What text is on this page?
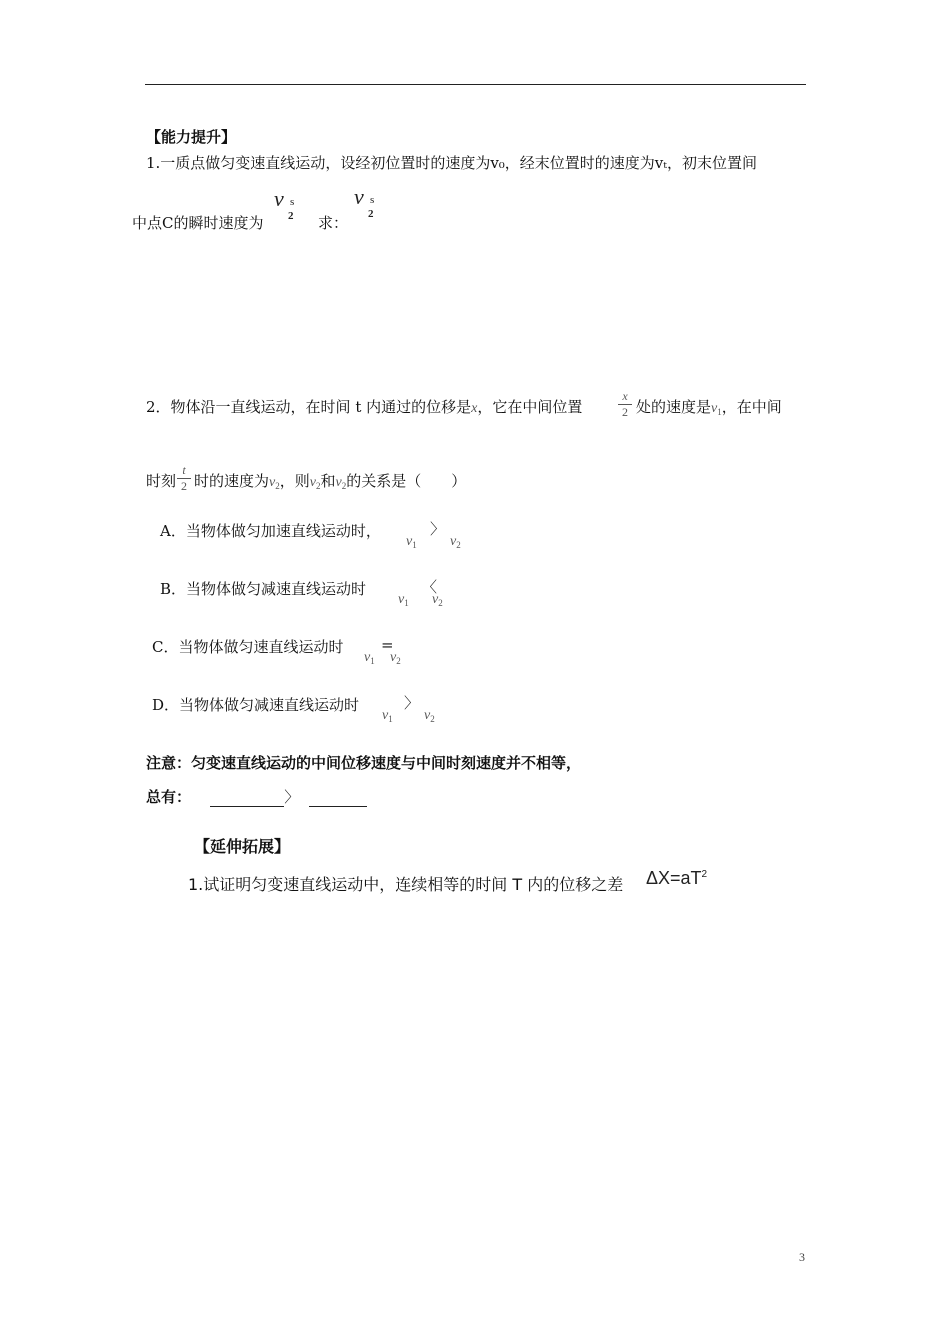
【能力提升】
1.一质点做匀变速直线运动，设经初位置时的速度为v₀，经末位置时的速度为vₜ，初末位置间
中点C的瞬时速度为
v s
2 求：
v s
2
2．物体沿一直线运动，在时间 t 内通过的位移是x，它在中间位置
x
2 处的速度是$v_1$，在中间
时刻
t
2 时的速度为$v_2$，则$v_2$和$v_2$的关系是（　　）
A．当物体做匀加速直线运动时，	〉
$v_1$ $v_2$
B．当物体做匀减速直线运动时	〈
$v_1$ $v_2$
C．当物体做匀速直线运动时	=
$v_1$ $v_2$
D．当物体做匀减速直线运动时	〉
$v_1$ $v_2$
注意：匀变速直线运动的中间位移速度与中间时刻速度并不相等，
总有：	〉
【延伸拓展】
1.试证明匀变速直线运动中，连续相等的时间 T 内的位移之差 $\Delta X=aT^2$
3
